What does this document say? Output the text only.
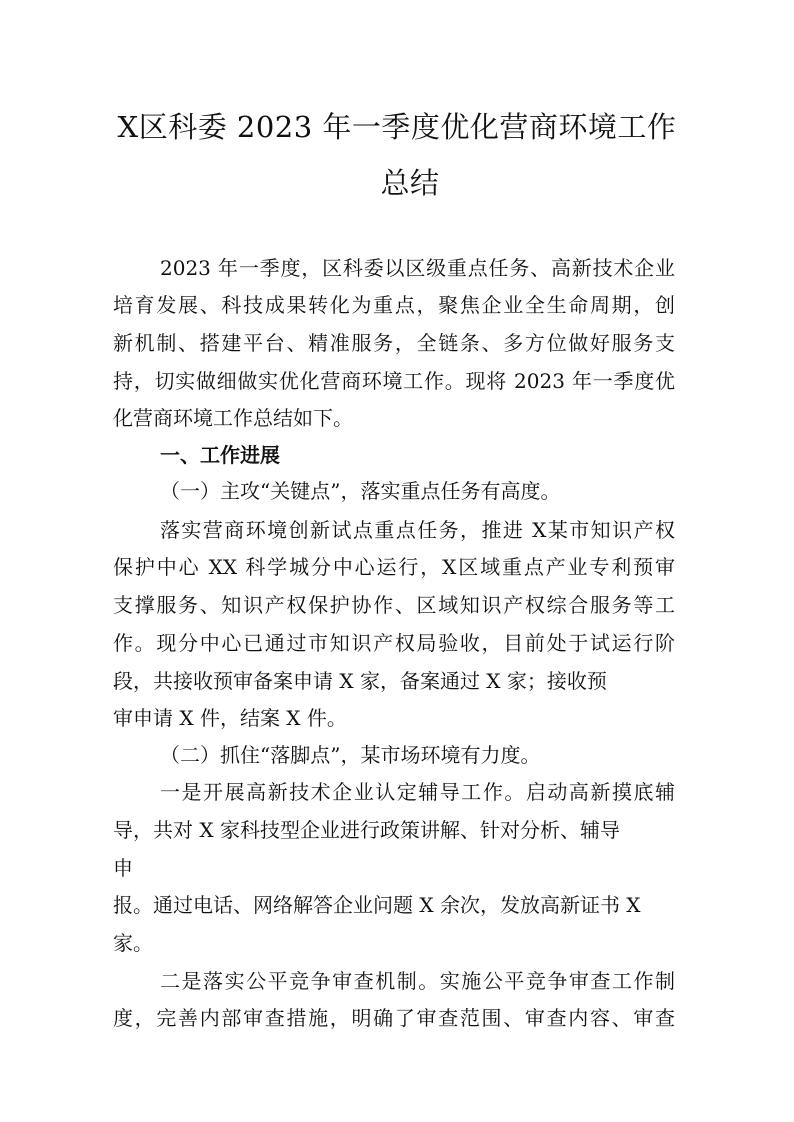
X区科委 2023 年一季度优化营商环境工作
总结
2023 年一季度，区科委以区级重点任务、高新技术企业
培育发展、科技成果转化为重点，聚焦企业全生命周期，创
新机制、搭建平台、精准服务，全链条、多方位做好服务支
持，切实做细做实优化营商环境工作。现将 2023 年一季度优
化营商环境工作总结如下。
一、工作进展
（一）主攻“关键点”，落实重点任务有高度。
落实营商环境创新试点重点任务，推进 X某市知识产权
保护中心 XX 科学城分中心运行，X区域重点产业专利预审
支撑服务、知识产权保护协作、区域知识产权综合服务等工
作。现分中心已通过市知识产权局验收，目前处于试运行阶
段，共接收预审备案申请 X 家，备案通过 X 家；接收预
审申请 X 件，结案 X 件。
（二）抓住“落脚点”，某市场环境有力度。
一是开展高新技术企业认定辅导工作。启动高新摸底辅
导，共对 X 家科技型企业进行政策讲解、针对分析、辅导
申
报。通过电话、网络解答企业问题 X 余次，发放高新证书 X
家。
二是落实公平竞争审查机制。实施公平竞争审查工作制
度，完善内部审查措施，明确了审查范围、审查内容、审查
